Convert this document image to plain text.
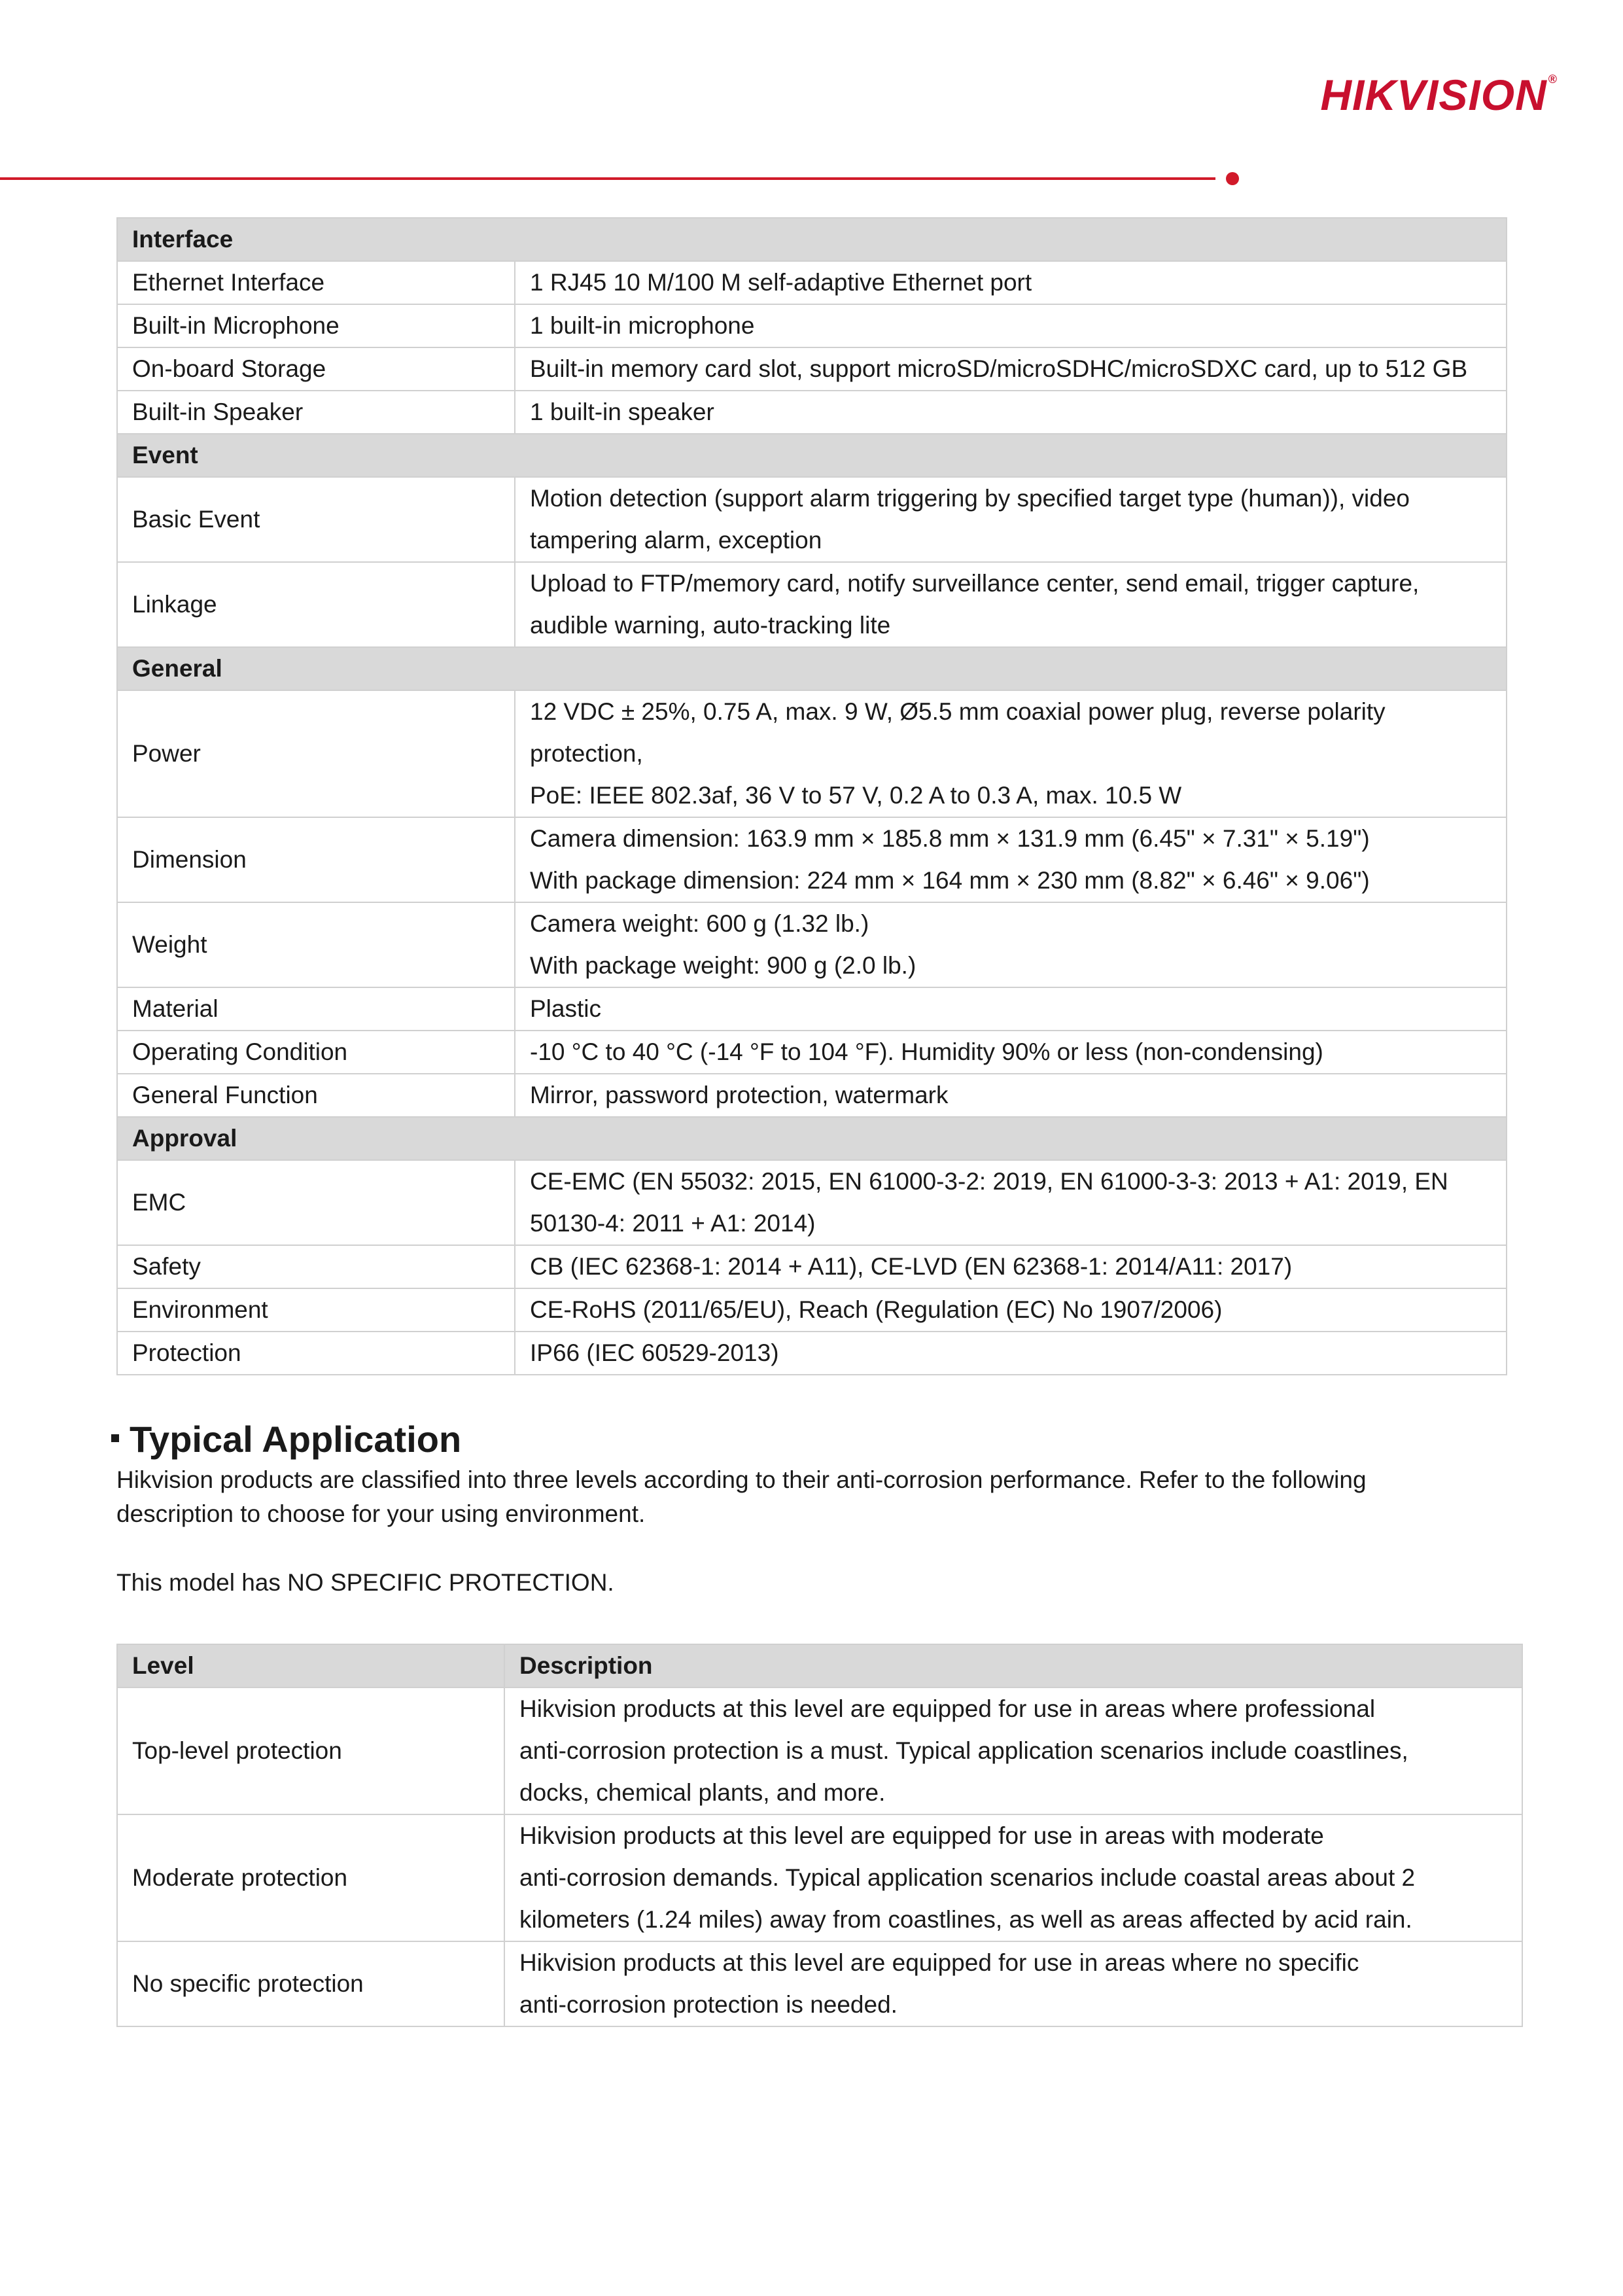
HIKVISION ®
Interface	
Ethernet Interface	1 RJ45 10 M/100 M self-adaptive Ethernet port

Built-in Microphone	1 built-in microphone

On-board Storage	Built-in memory card slot, support microSD/microSDHC/microSDXC card, up to 512 GB

Built-in Speaker	1 built-in speaker

Event	
Basic Event	Motion detection (support alarm triggering by specified target type (human)), video
tampering alarm, exception

Linkage	Upload to FTP/memory card, notify surveillance center, send email, trigger capture,
audible warning, auto-tracking lite

General	
Power	12 VDC ± 25%, 0.75 A, max. 9 W, Ø5.5 mm coaxial power plug, reverse polarity
protection,
PoE: IEEE 802.3af, 36 V to 57 V, 0.2 A to 0.3 A, max. 10.5 W

Dimension	Camera dimension: 163.9 mm × 185.8 mm × 131.9 mm (6.45" × 7.31" × 5.19")
With package dimension: 224 mm × 164 mm × 230 mm (8.82" × 6.46" × 9.06")

Weight	Camera weight: 600 g (1.32 lb.)
With package weight: 900 g (2.0 lb.)

Material	Plastic

Operating Condition	-10 °C to 40 °C (-14 °F to 104 °F). Humidity 90% or less (non-condensing)

General Function	Mirror, password protection, watermark

Approval	
EMC	CE-EMC (EN 55032: 2015, EN 61000-3-2: 2019, EN 61000-3-3: 2013 + A1: 2019, EN
50130-4: 2011 + A1: 2014)

Safety	CB (IEC 62368-1: 2014 + A11), CE-LVD (EN 62368-1: 2014/A11: 2017)

Environment	CE-RoHS (2011/65/EU), Reach (Regulation (EC) No 1907/2006)

Protection	IP66 (IEC 60529-2013)
Typical Application
Hikvision products are classified into three levels according to their anti-corrosion performance. Refer to the following
description to choose for your using environment.
This model has NO SPECIFIC PROTECTION.
Level	Description
Top-level protection	Hikvision products at this level are equipped for use in areas where professional
anti-corrosion protection is a must. Typical application scenarios include coastlines,
docks, chemical plants, and more.

Moderate protection	Hikvision products at this level are equipped for use in areas with moderate
anti-corrosion demands. Typical application scenarios include coastal areas about 2
kilometers (1.24 miles) away from coastlines, as well as areas affected by acid rain.

No specific protection	Hikvision products at this level are equipped for use in areas where no specific
anti-corrosion protection is needed.
